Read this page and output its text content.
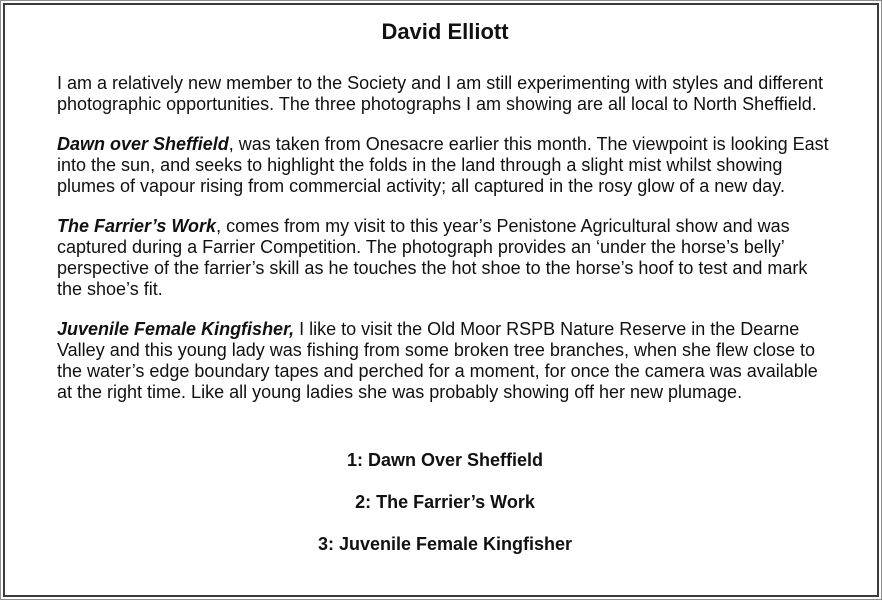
David Elliott

I am a relatively new member to the Society and I am still experimenting with styles and different photographic opportunities. The three photographs I am showing are all local to North Sheffield.

Dawn over Sheffield, was taken from Onesacre earlier this month. The viewpoint is looking East into the sun, and seeks to highlight the folds in the land through a slight mist whilst showing plumes of vapour rising from commercial activity; all captured in the rosy glow of a new day.

The Farrier’s Work, comes from my visit to this year’s Penistone Agricultural show and was captured during a Farrier Competition. The photograph provides an ‘under the horse’s belly’ perspective of the farrier’s skill as he touches the hot shoe to the horse’s hoof to test and mark the shoe’s fit.

Juvenile Female Kingfisher, I like to visit the Old Moor RSPB Nature Reserve in the Dearne Valley and this young lady was fishing from some broken tree branches, when she flew close to the water’s edge boundary tapes and perched for a moment, for once the camera was available at the right time. Like all young ladies she was probably showing off her new plumage.

1: Dawn Over Sheffield

2: The Farrier’s Work

3: Juvenile Female Kingfisher
